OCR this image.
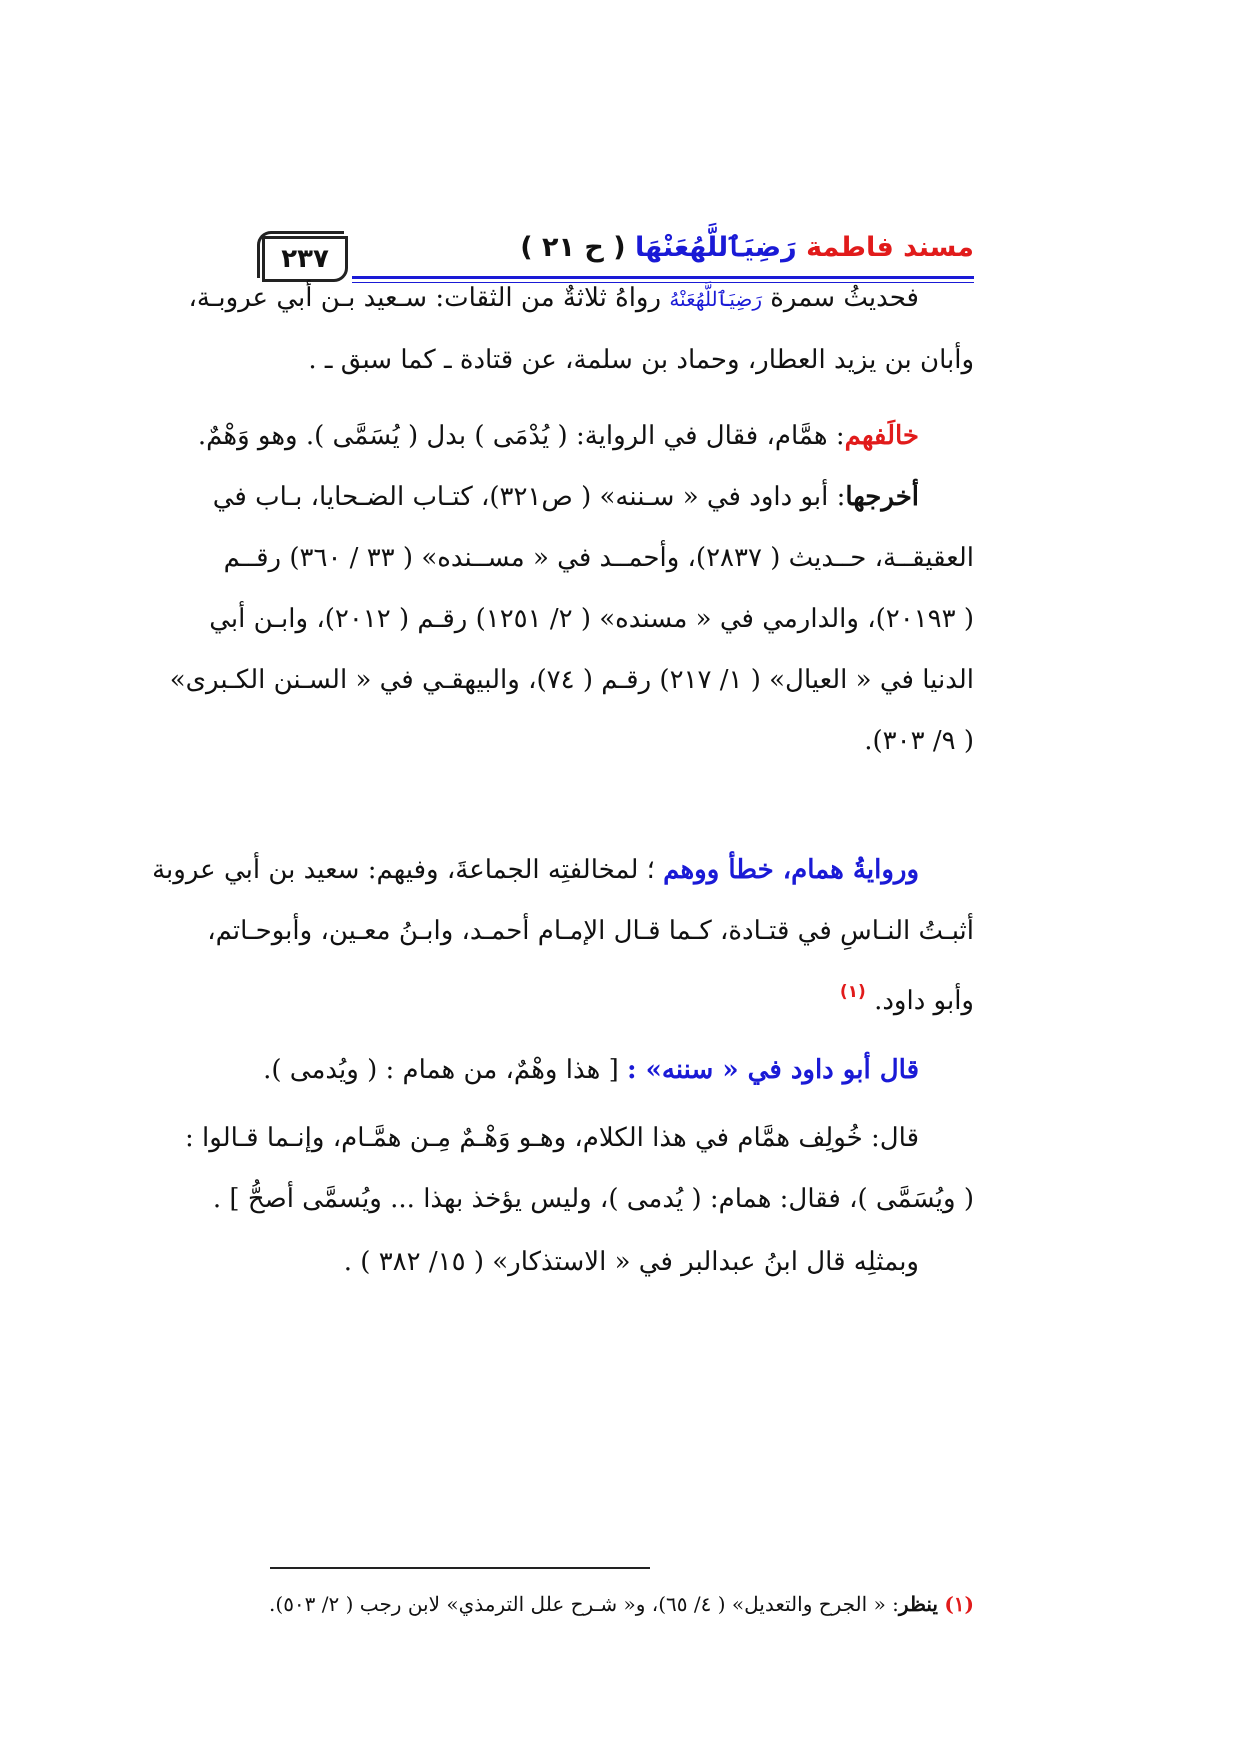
٢٣٧	مسند فاطمة رَضِيَٱللَّهُعَنْهَا ( ح ٢١ )
فحديثُ سمرة رَضِيَٱللَّهُعَنْهُ رواهُ ثلاثةٌ من الثقات: سـعيد بـن أبي عروبـة،
وأبان بن يزيد العطار، وحماد بن سلمة، عن قتادة ـ كما سبق ـ .
خالَفهم: همَّام، فقال في الرواية: ( يُدْمَى ) بدل ( يُسَمَّى ). وهو وَهْمٌ.
أخرجها: أبو داود في « سـننه» ( ص٣٢١)، كتـاب الضـحايا، بـاب في
العقيقــة، حــديث ( ٢٨٣٧)، وأحمــد في « مســنده» ( ٣٣ / ٣٦٠) رقــم
( ٢٠١٩٣)، والدارمي في « مسنده» ( ٢/ ١٢٥١) رقـم ( ٢٠١٢)، وابـن أبي
الدنيا في « العيال» ( ١/ ٢١٧) رقـم ( ٧٤)، والبيهقـي في « السـنن الكـبرى»
( ٩/ ٣٠٣).
وروايةُ همام، خطأ ووهم ؛ لمخالفتِه الجماعةَ، وفيهم: سعيد بن أبي عروبة
أثبـتُ النـاسِ في قتـادة، كـما قـال الإمـام أحمـد، وابـنُ معـين، وأبوحـاتم،
وأبو داود. $^{(١)}$
قال أبو داود في « سننه» : [ هذا وهْمٌ، من همام : ( ويُدمى ).
قال: خُولِف همَّام في هذا الكلام، وهـو وَهْـمٌ مِـن همَّـام، وإنـما قـالوا :
( ويُسَمَّى )، فقال: همام: ( يُدمى )، وليس يؤخذ بهذا ... ويُسمَّى أصحُّ ] .
وبمثلِه قال ابنُ عبدالبر في « الاستذكار» ( ١٥/ ٣٨٢ ) .
(١) ينظر: « الجرح والتعديل» ( ٤/ ٦٥)، و« شـرح علل الترمذي» لابن رجب ( ٢/ ٥٠٣).
